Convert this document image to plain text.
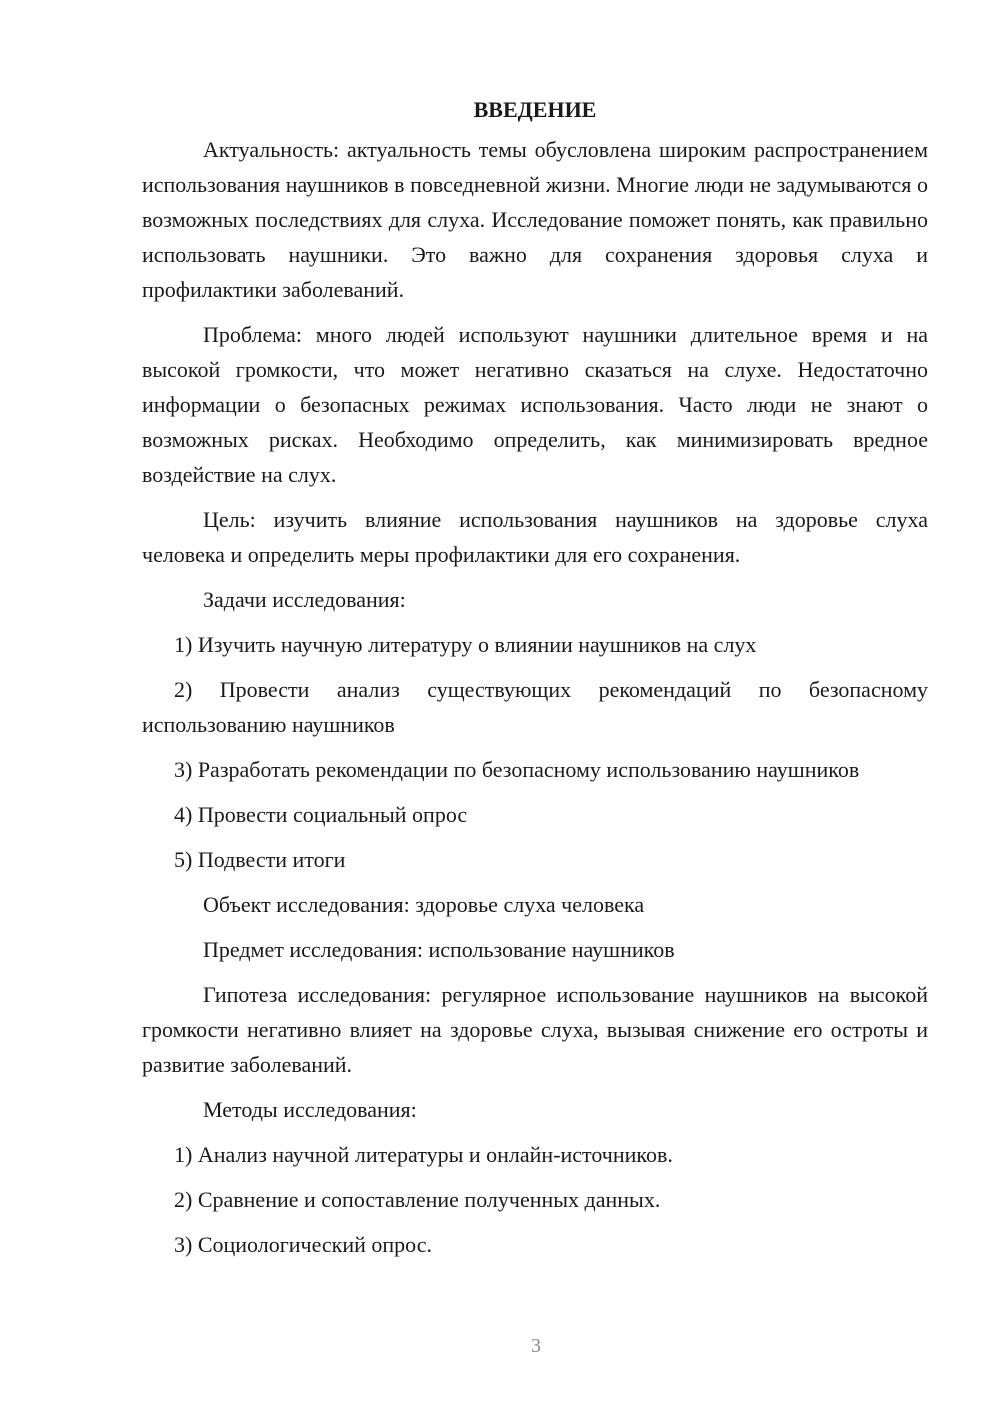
ВВЕДЕНИЕ

Актуальность: актуальность темы обусловлена широким распространением использования наушников в повседневной жизни. Многие люди не задумываются о возможных последствиях для слуха. Исследование поможет понять, как правильно использовать наушники. Это важно для сохранения здоровья слуха и профилактики заболеваний.

Проблема: много людей используют наушники длительное время и на высокой громкости, что может негативно сказаться на слухе. Недостаточно информации о безопасных режимах использования. Часто люди не знают о возможных рисках. Необходимо определить, как минимизировать вредное воздействие на слух.

Цель: изучить влияние использования наушников на здоровье слуха человека и определить меры профилактики для его сохранения.

Задачи исследования:

1) Изучить научную литературу о влиянии наушников на слух

2) Провести анализ существующих рекомендаций по безопасному использованию наушников

3) Разработать рекомендации по безопасному использованию наушников

4) Провести социальный опрос

5) Подвести итоги

Объект исследования: здоровье слуха человека

Предмет исследования: использование наушников

Гипотеза исследования: регулярное использование наушников на высокой громкости негативно влияет на здоровье слуха, вызывая снижение его остроты и развитие заболеваний.

Методы исследования:

1) Анализ научной литературы и онлайн-источников.

2) Сравнение и сопоставление полученных данных.

3) Социологический опрос.

3
